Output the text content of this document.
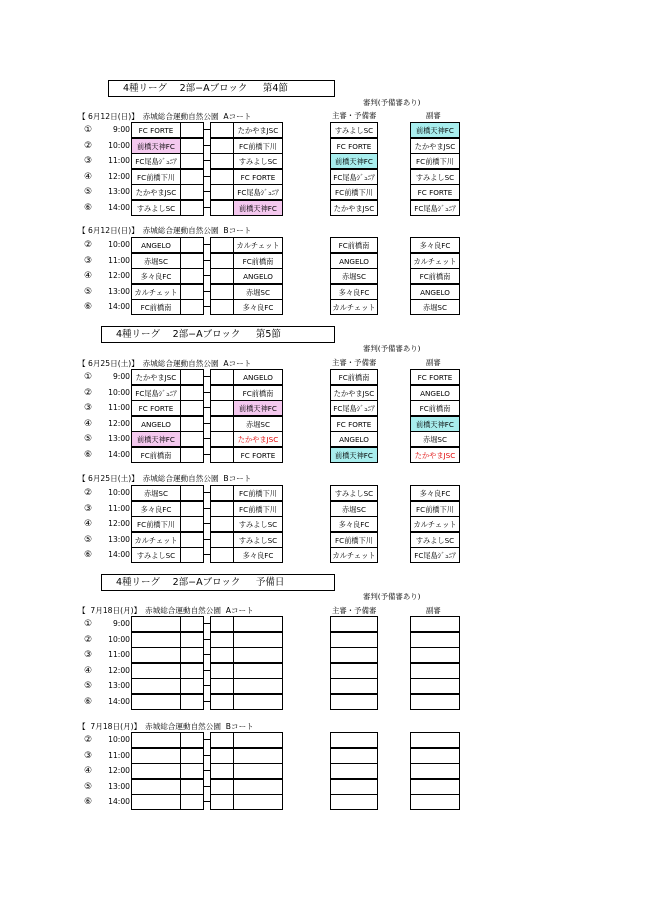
4種リーグ　 2部−Aブロック　  第4節
4種リーグ　 2部−Aブロック　  第5節
4種リーグ　 2部−Aブロック　  予備日
審判(予備審あり)
主審・予備審	副審
審判(予備審あり)
主審・予備審	副審
審判(予備審あり)
主審・予備審	副審
【 6月12日(日)】　赤城総合運動自然公園  Aコート
①	9:00	FC FORTE	たかやまJSC	すみよしSC	前橋天神FC
②	10:00 前橋天神FC	FC前橋下川	FC FORTE	たかやまJSC
③	11:00 FC尾島ｼﾞｭﾆｱ	すみよしSC	前橋天神FC	FC前橋下川
④	12:00 FC前橋下川	FC FORTE	FC尾島ｼﾞｭﾆｱ	すみよしSC
⑤	13:00 たかやまJSC	FC尾島ｼﾞｭﾆｱ	FC前橋下川	FC FORTE
⑥	14:00 すみよしSC	前橋天神FC	たかやまJSC	FC尾島ｼﾞｭﾆｱ
【 6月12日(日)】　赤城総合運動自然公園  Bコート
②	10:00	ANGELO	カルチェット	FC前橋南	多々良FC
③	11:00	赤堀SC	FC前橋南	ANGELO	カルチェット
④	12:00	多々良FC	ANGELO	赤堀SC	FC前橋南
⑤	13:00 カルチェット	赤堀SC	多々良FC	ANGELO
⑥	14:00	FC前橋南	多々良FC	カルチェット	赤堀SC
【 6月25日(土)】　赤城総合運動自然公園  Aコート
①	9:00 たかやまJSC	ANGELO	FC前橋南	FC FORTE
②	10:00 FC尾島ｼﾞｭﾆｱ	FC前橋南	たかやまJSC	ANGELO
③	11:00	FC FORTE	前橋天神FC	FC尾島ｼﾞｭﾆｱ	FC前橋南
④	12:00	ANGELO	赤堀SC	FC FORTE	前橋天神FC
⑤	13:00 前橋天神FC	たかやまJSC	ANGELO	赤堀SC
⑥	14:00	FC前橋南	FC FORTE	前橋天神FC	たかやまJSC
【 6月25日(土)】　赤城総合運動自然公園  Bコート
②	10:00	赤堀SC	FC前橋下川	すみよしSC	多々良FC
③	11:00	多々良FC	FC前橋下川	赤堀SC	FC前橋下川
④	12:00 FC前橋下川	すみよしSC	多々良FC	カルチェット
⑤	13:00 カルチェット	すみよしSC	FC前橋下川	すみよしSC
⑥	14:00 すみよしSC	多々良FC	カルチェット	FC尾島ｼﾞｭﾆｱ
【  7月18日(月)】　赤城総合運動自然公園  Aコート
①	9:00
②	10:00
③	11:00
④	12:00
⑤	13:00
⑥	14:00
【  7月18日(月)】　赤城総合運動自然公園  Bコート
②	10:00
③	11:00
④	12:00
⑤	13:00
⑥	14:00
